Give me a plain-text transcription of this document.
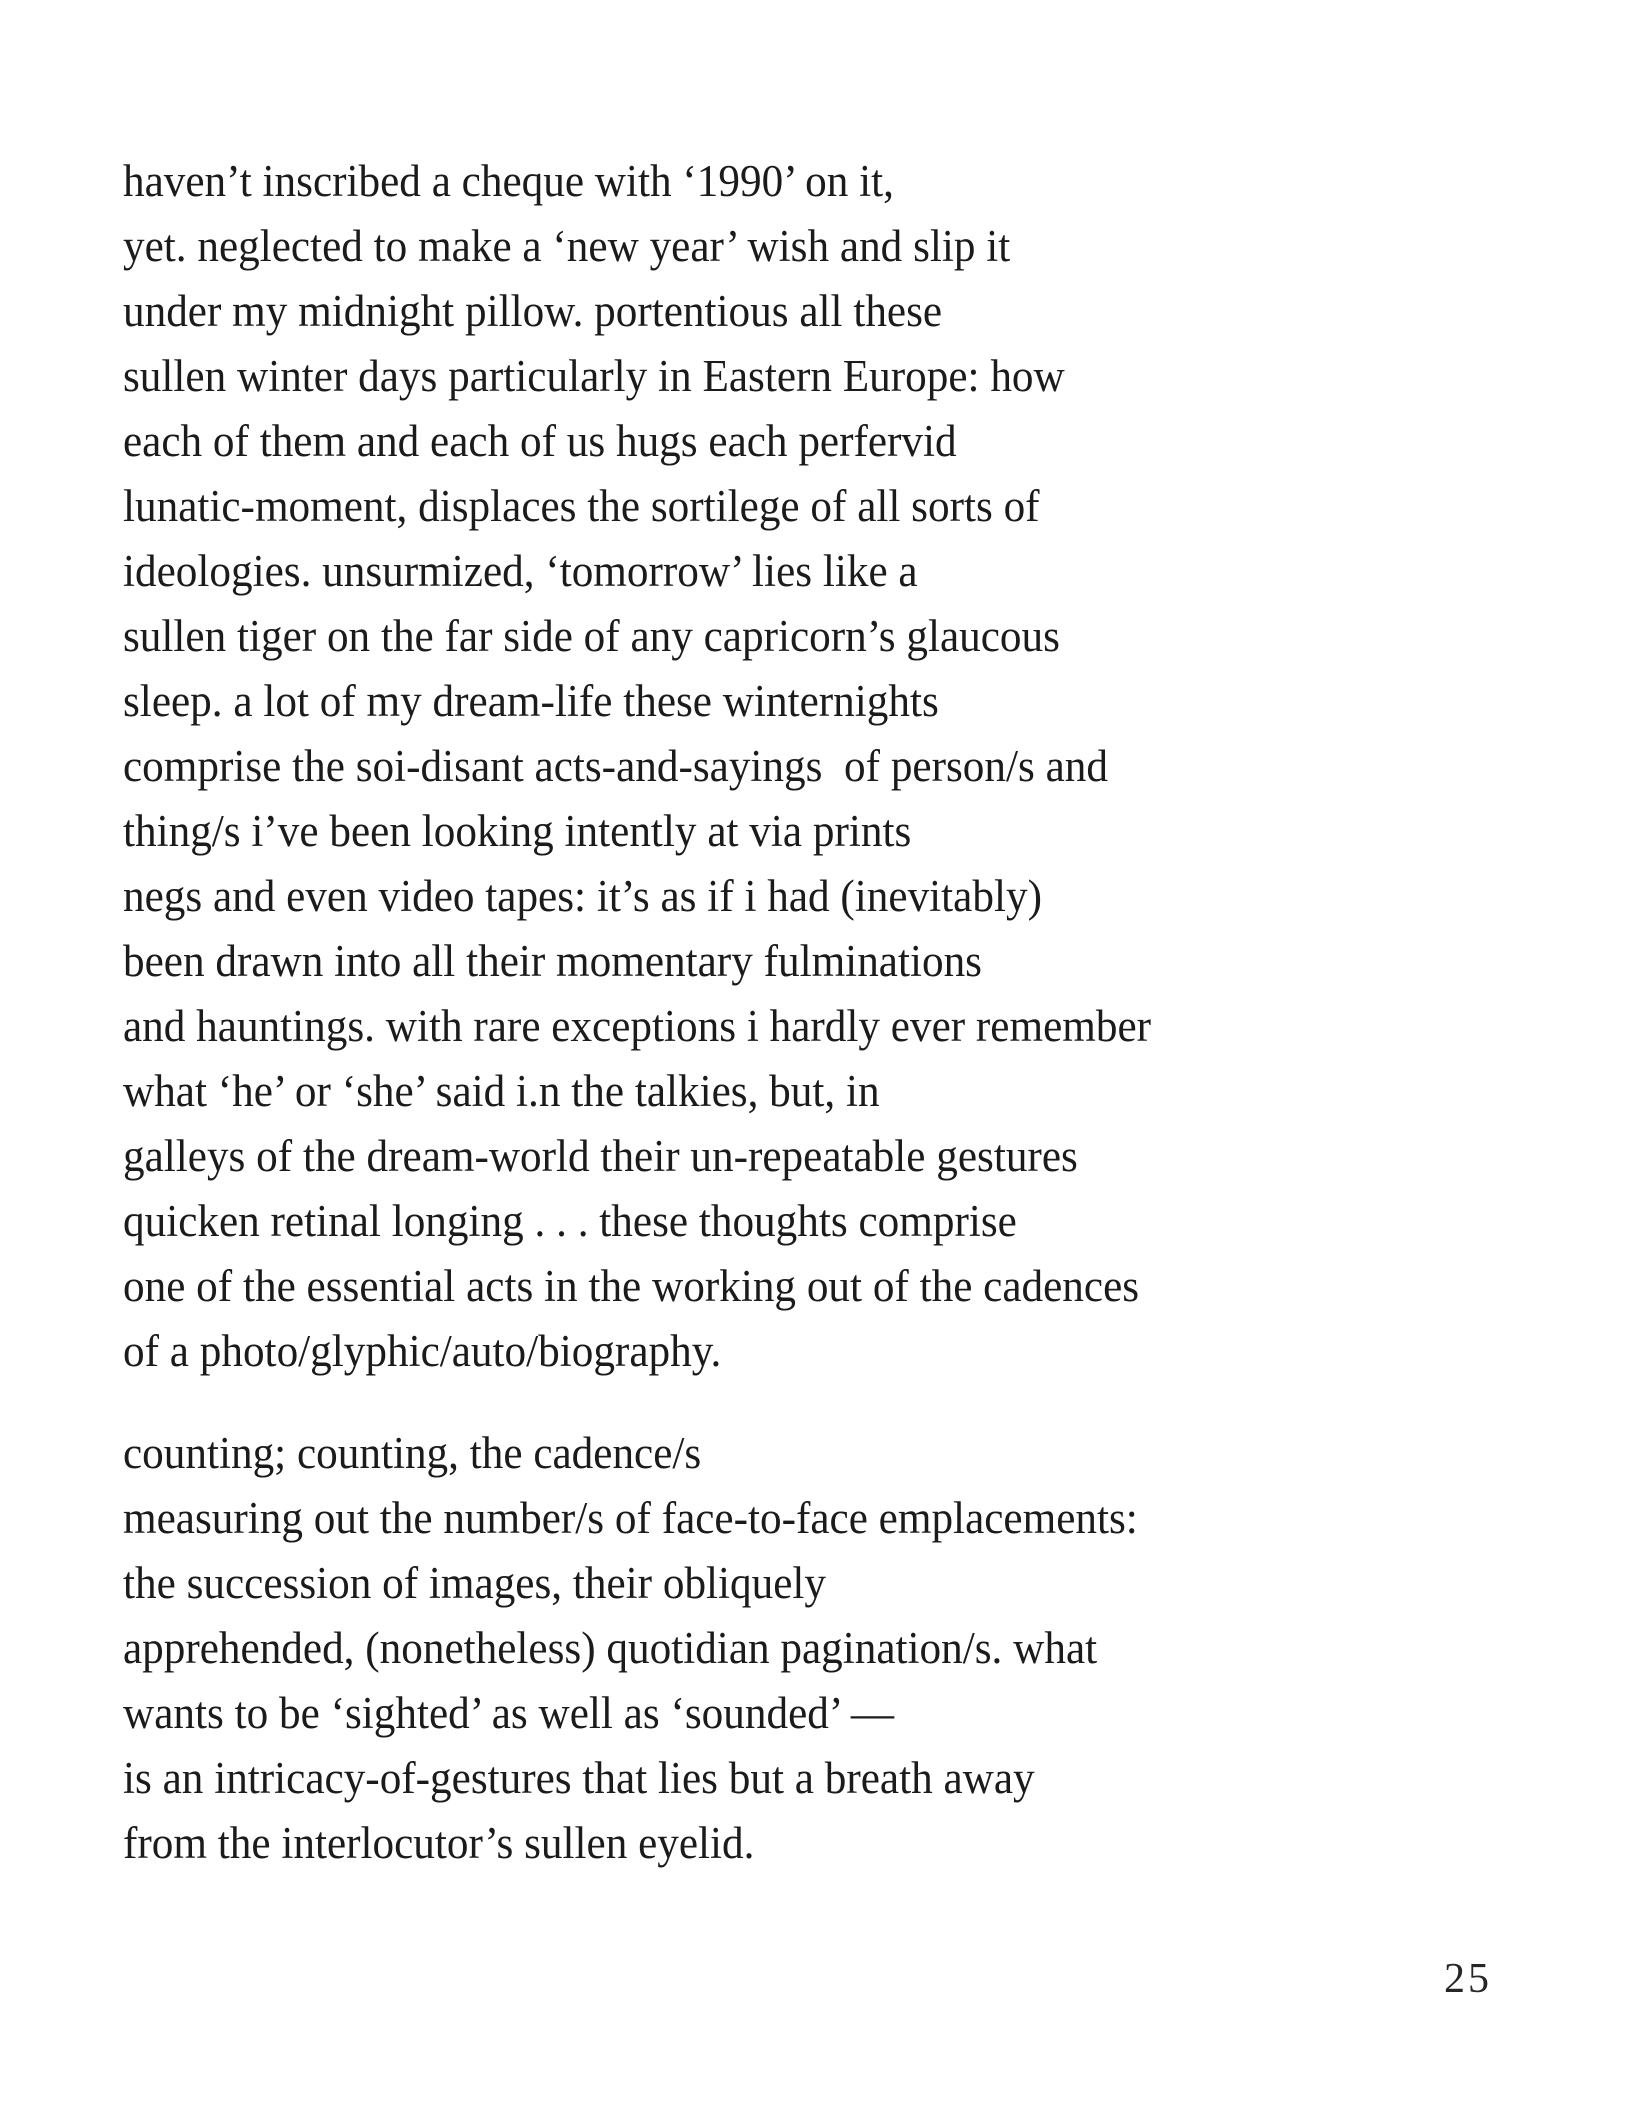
haven’t inscribed a cheque with ‘1990’ on it,
yet. neglected to make a ‘new year’ wish and slip it
under my midnight pillow. portentious all these
sullen winter days particularly in Eastern Europe: how
each of them and each of us hugs each perfervid
lunatic-moment, displaces the sortilege of all sorts of
ideologies. unsurmized, ‘tomorrow’ lies like a
sullen tiger on the far side of any capricorn’s glaucous
sleep. a lot of my dream-life these winternights
comprise the soi-disant acts-and-sayings  of person/s and
thing/s i’ve been looking intently at via prints
negs and even video tapes: it’s as if i had (inevitably)
been drawn into all their momentary fulminations
and hauntings. with rare exceptions i hardly ever remember
what ‘he’ or ‘she’ said i.n the talkies, but, in
galleys of the dream-world their un-repeatable gestures
quicken retinal longing . . . these thoughts comprise
one of the essential acts in the working out of the cadences
of a photo/glyphic/auto/biography.
counting; counting, the cadence/s
measuring out the number/s of face-to-face emplacements:
the succession of images, their obliquely
apprehended, (nonetheless) quotidian pagination/s. what
wants to be ‘sighted’ as well as ‘sounded’ —
is an intricacy-of-gestures that lies but a breath away
from the interlocutor’s sullen eyelid.
25
